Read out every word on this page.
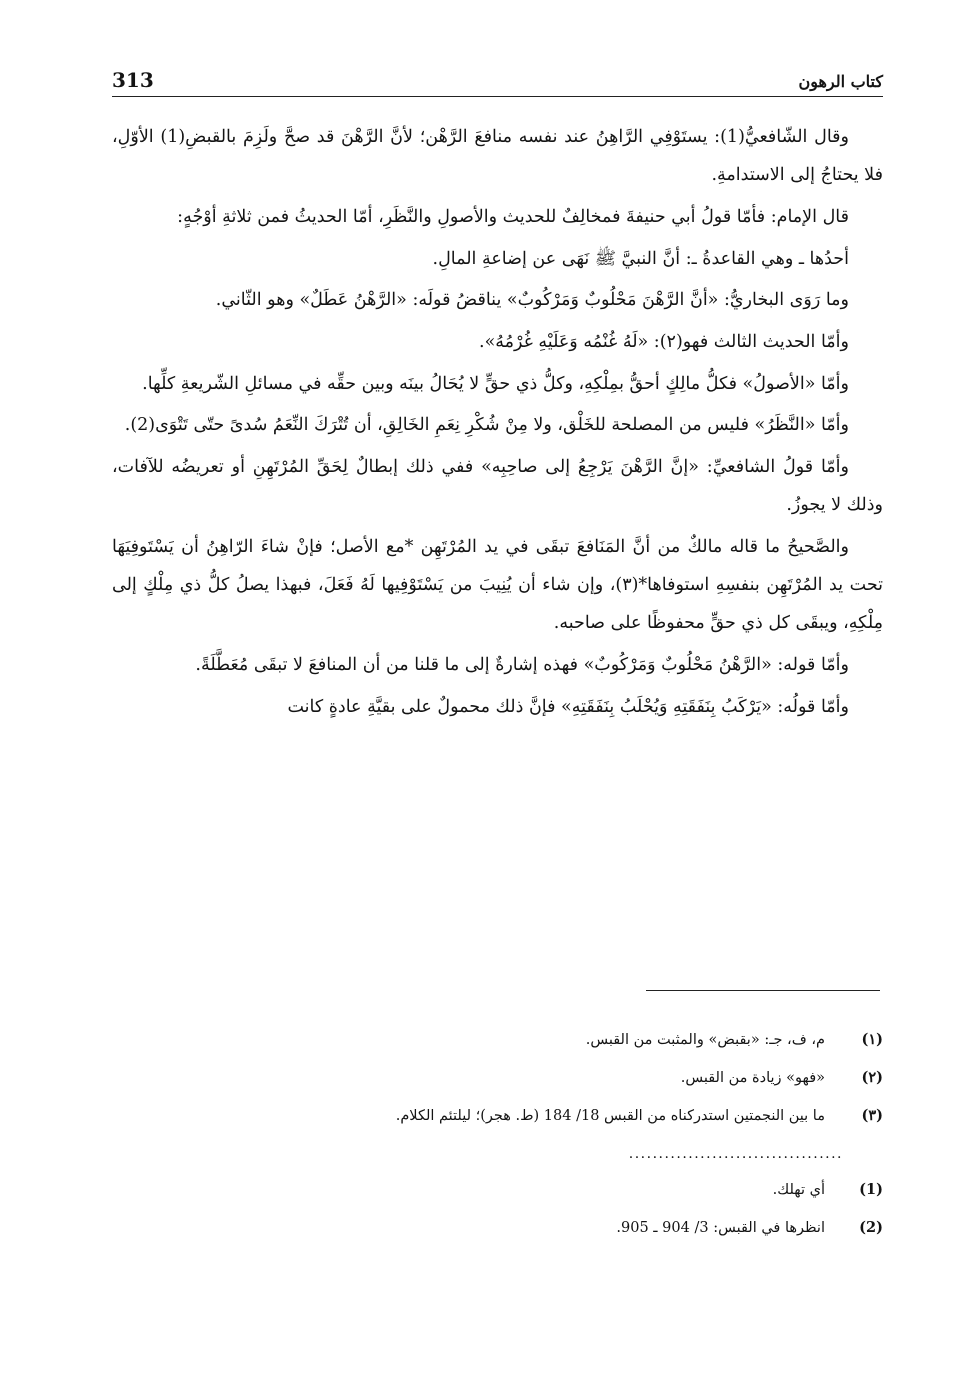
313	كتاب الرهون

وقال الشّافعيُّ(1): يستَوْفِي الرَّاهِنُ عند نفسه منافعَ الرَّهْن؛ لأنَّ الرَّهْنَ قد صحَّ ولَزِمَ بالقبضِ(1) الأوّلِ، فلا يحتاجُ إلى الاستدامةِ.

قال الإمام: فأمّا قولُ أبي حنيفةَ فمخالِفٌ للحديث والأصولِ والنَّظَرِ، أمّا الحديثُ فمن ثلاثةِ أوْجُهٍ:

أحدُها ـ وهي القاعدةُ ـ: أنَّ النبيَّ ﷺ نَهَى عن إضاعةِ المالِ.

وما رَوَى البخاريُّ: «أنَّ الرَّهْنَ مَحْلُوبٌ وَمَرْكُوبٌ» يناقضُ قولَه: «الرَّهْنُ عَطَلٌ» وهو الثّاني.

وأمّا الحديث الثالث فهو(٢): «لَهُ غُنْمُه وَعَلَيْهِ غُرْمُهُ».

وأمّا «الأصولُ» فكلُّ مالِكٍ أحقُّ بمِلْكِهِ، وكلُّ ذي حقٍّ لا يُحَالُ بينَه وبين حقِّه في مسائلِ الشّريعةِ كلِّها.

وأمّا «النَّظَرُ» فليس من المصلحة للخَلْق، ولا مِنْ شُكْرِ نِعَمِ الخَالِقِ، أن تُتْرَكَ النِّعَمُ سُدىً حتّى تَتْوَى(2).

وأمّا قولُ الشافعيِّ: «إنَّ الرَّهْنَ يَرْجِعُ إلى صاحِبِه» ففي ذلك إبطالٌ لِحَقِّ المُرْتَهِنِ أو تعريضُه للآفات، وذلك لا يجوزُ.

والصَّحيحُ ما قاله مالكٌ من أنَّ المَنَافعَ تبقَى في يد المُرْتَهِن *مع الأصل؛ فإنْ شاءَ الرّاهِنُ أن يَسْتَوفِيَهَا تحت يد المُرْتَهِن بنفسِهِ استوفاها*(٣)، وإن شاء أن يُنِيبَ من يَسْتَوْفِيها لَهُ فَعَلَ، فبهذا يصلُ كلُّ ذي مِلْكٍ إلى مِلْكِهِ، ويبقَى كل ذي حقٍّ محفوظًا على صاحبه.

وأمّا قوله: «الرَّهْنُ مَحْلُوبٌ وَمَرْكُوبٌ» فهذه إشارةٌ إلى ما قلنا من أن المنافعَ لا تبقَى مُعَطَّلَةً.

وأمّا قولُه: «يَرْكَبُ بِنَفَقَتِهِ وَيُحْلَبُ بِنَفَقَتِهِ» فإنَّ ذلك محمولٌ على بقيَّةِ عادةٍ كانت

(١)
م، ف، جـ: «بقبض» والمثبت من القبس.
(٢)
«فهو» زيادة من القبس.
(٣)
ما بين النجمتين استدركناه من القبس 18/ 184 (ط. هجر)؛ ليلتئم الكلام.
....................................
(1)
أي تهلك.
(2)
انظرها في القبس: 3/ 904 ـ 905.
